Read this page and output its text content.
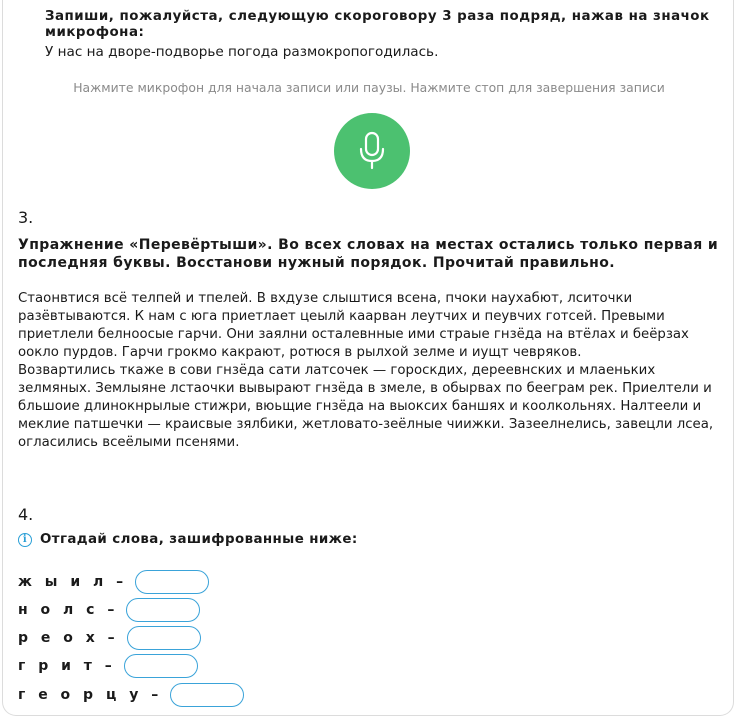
Запиши, пожалуйста, следующую скороговору 3 раза подряд, нажав на значок микрофона:
У нас на дворе-подворье погода размокропогодилась.
Нажмите микрофон для начала записи или паузы. Нажмите стоп для завершения записи
3.
Упражнение «Перевёртыши». Во всех словах на местах остались только первая и последняя буквы. Восстанови нужный порядок. Прочитай правильно.

Стаонвтися всё телпей и тпелей. В вхдузе слыштися всена, пчоки наухабют, лситочки разёвтываются. К нам с юга приетлает цеылй каарван леутчих и пеувчих готсей. Превыми приетлели белноосые гарчи. Они заялни осталевнные ими страые гнзёда на втёлах и беёрзах оокло пурдов. Гарчи грокмо какрают, ротюся в рылхой зелме и иущт чевряков.

Возвартились ткаже в сови гнзёда сати латсочек — гороскдих, дереевнских и млаеньких зелмяных. Землыяне лстаочки вывырают гнзёда в змеле, в обырвах по бееграм рек. Приелтели и бльшоие длинокнрылые стижри, вюьщие гнзёда на выоксих баншях и коолкольнях. Налтеели и меклие патшечки — краисвые зялбики, жетловато-зеёлные чиижки. Зазеелнелись, завецли лсеа, огласились всеёлыми псенями.

4.
i Отгадай слова, зашифрованные ниже:
ж ы и л –
н о л с –
р е о х –
г р и т –
г е о р ц у –
